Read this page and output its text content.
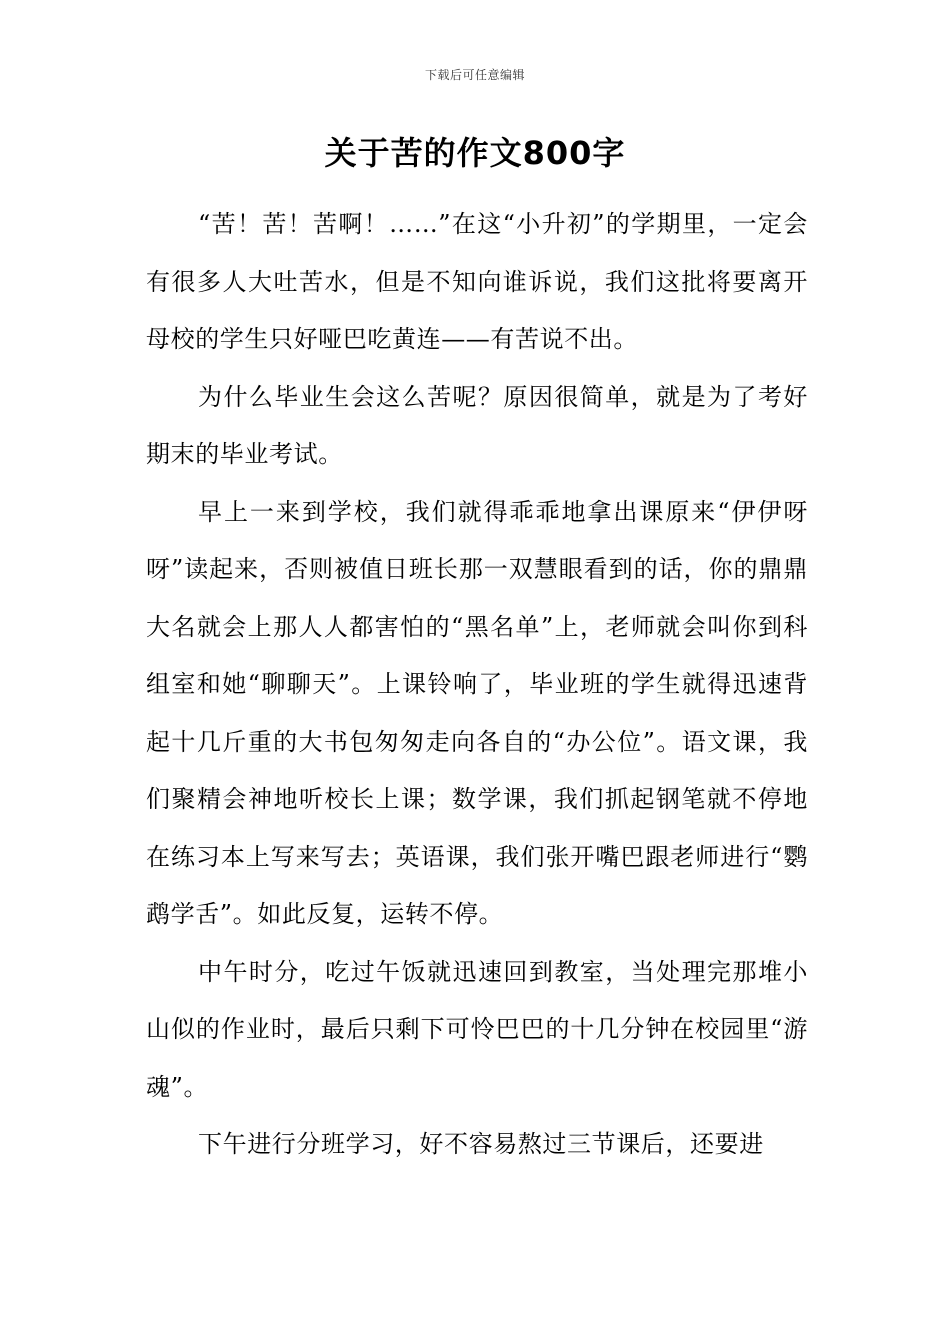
下载后可任意编辑
关于苦的作文800字

“苦！苦！苦啊！……”在这“小升初”的学期里，一定会有很多人大吐苦水，但是不知向谁诉说，我们这批将要离开母校的学生只好哑巴吃黄连——有苦说不出。

为什么毕业生会这么苦呢？原因很简单，就是为了考好期末的毕业考试。

早上一来到学校，我们就得乖乖地拿出课原来“伊伊呀呀”读起来，否则被值日班长那一双慧眼看到的话，你的鼎鼎大名就会上那人人都害怕的“黑名单”上，老师就会叫你到科组室和她“聊聊天”。上课铃响了，毕业班的学生就得迅速背起十几斤重的大书包匆匆走向各自的“办公位”。语文课，我们聚精会神地听校长上课；数学课，我们抓起钢笔就不停地在练习本上写来写去；英语课，我们张开嘴巴跟老师进行“鹦鹉学舌”。如此反复，运转不停。

中午时分，吃过午饭就迅速回到教室，当处理完那堆小山似的作业时，最后只剩下可怜巴巴的十几分钟在校园里“游魂”。

下午进行分班学习，好不容易熬过三节课后，还要进
